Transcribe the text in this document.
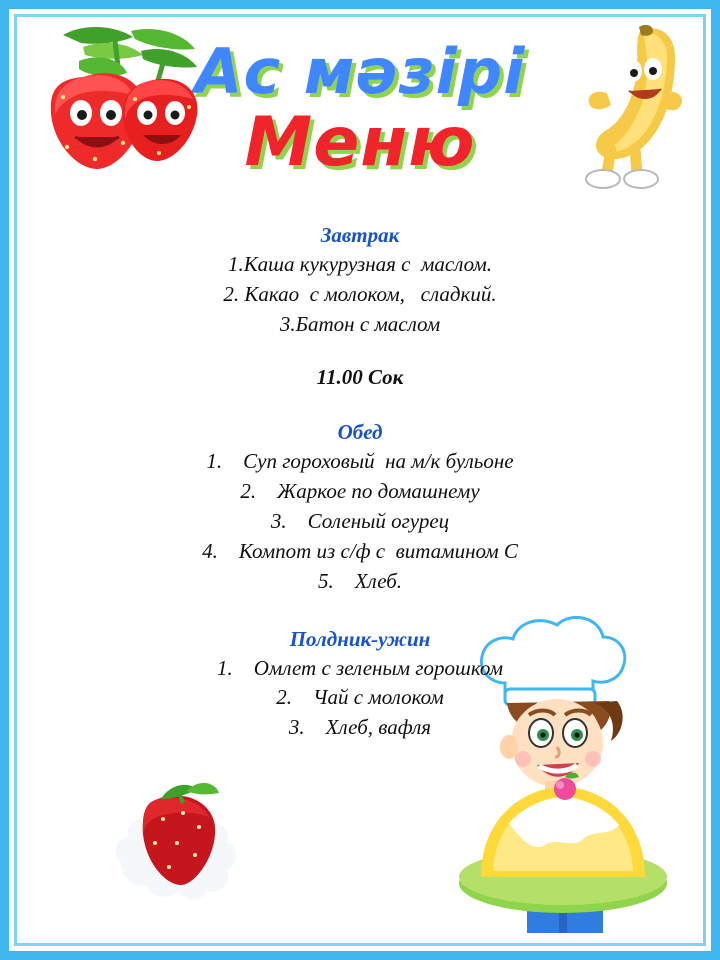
Ас мәзірі
Меню
Завтрак
1.Каша кукурузная с  маслом.
2. Какао  с молоком,   сладкий.
3.Батон с маслом
11.00 Сок
Обед
1.    Суп гороховый  на м/к бульоне
2.    Жаркое по домашнему
3.    Соленый огурец
4.    Компот из с/ф с  витамином С
5.    Хлеб.
Полдник-ужин
1.    Омлет с зеленым горошком
2.    Чай с молоком
3.    Хлеб, вафля
